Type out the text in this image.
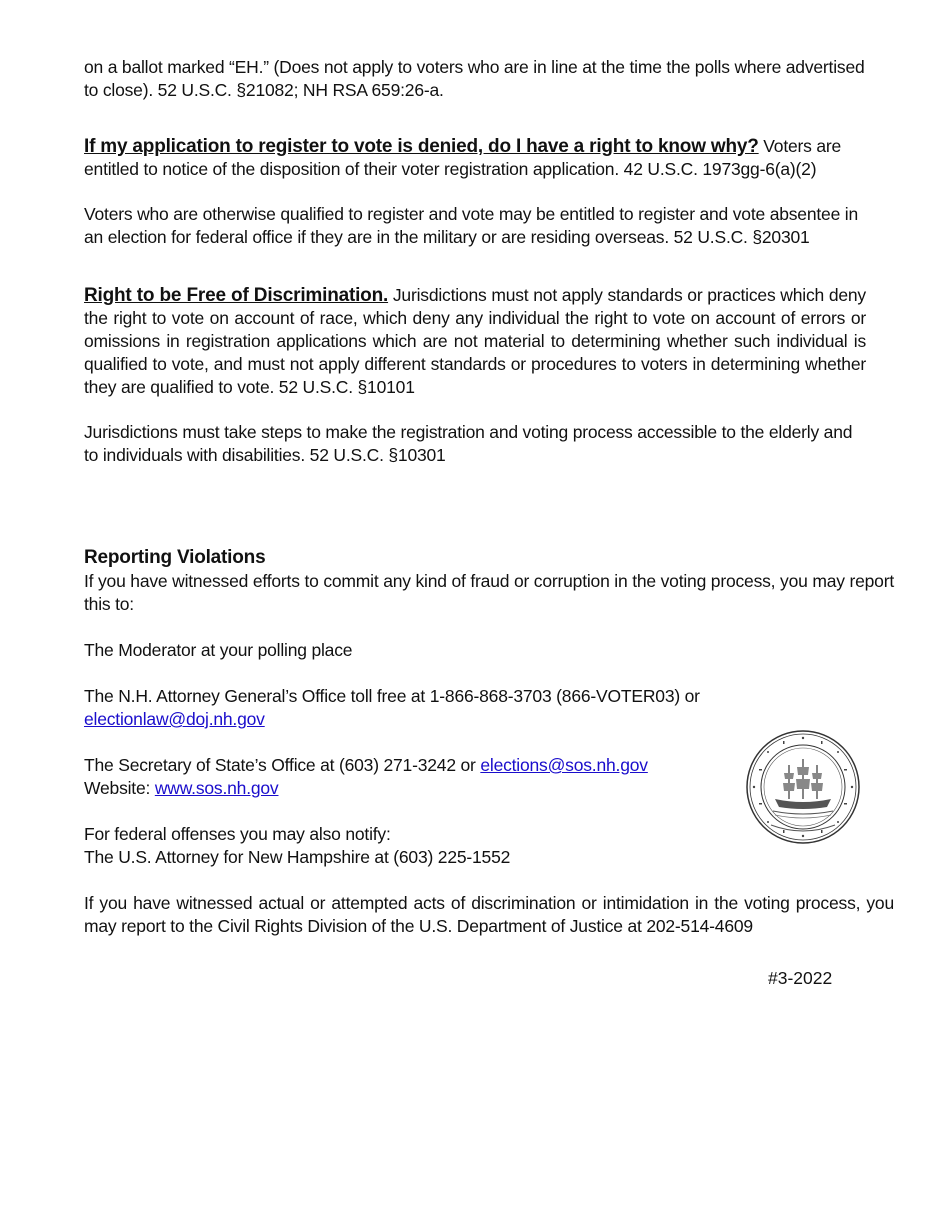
on a ballot marked “EH.” (Does not apply to voters who are in line at the time the polls where advertised to close). 52 U.S.C. §21082; NH RSA 659:26-a.

If my application to register to vote is denied, do I have a right to know why? Voters are entitled to notice of the disposition of their voter registration application. 42 U.S.C. 1973gg-6(a)(2)

Voters who are otherwise qualified to register and vote may be entitled to register and vote absentee in an election for federal office if they are in the military or are residing overseas. 52 U.S.C. §20301

Right to be Free of Discrimination. Jurisdictions must not apply standards or practices which deny the right to vote on account of race, which deny any individual the right to vote on account of errors or omissions in registration applications which are not material to determining whether such individual is qualified to vote, and must not apply different standards or procedures to voters in determining whether they are qualified to vote. 52 U.S.C. §10101

Jurisdictions must take steps to make the registration and voting process accessible to the elderly and to individuals with disabilities. 52 U.S.C. §10301

Reporting Violations

If you have witnessed efforts to commit any kind of fraud or corruption in the voting process, you may report this to:

The Moderator at your polling place

The N.H. Attorney General’s Office toll free at 1-866-868-3703 (866-VOTER03) or
electionlaw@doj.nh.gov

The Secretary of State’s Office at (603) 271-3242 or elections@sos.nh.gov
Website: www.sos.nh.gov

For federal offenses you may also notify:
The U.S. Attorney for New Hampshire at (603) 225-1552

If you have witnessed actual or attempted acts of discrimination or intimidation in the voting process, you may report to the Civil Rights Division of the U.S. Department of Justice at 202-514-4609

#3-2022
